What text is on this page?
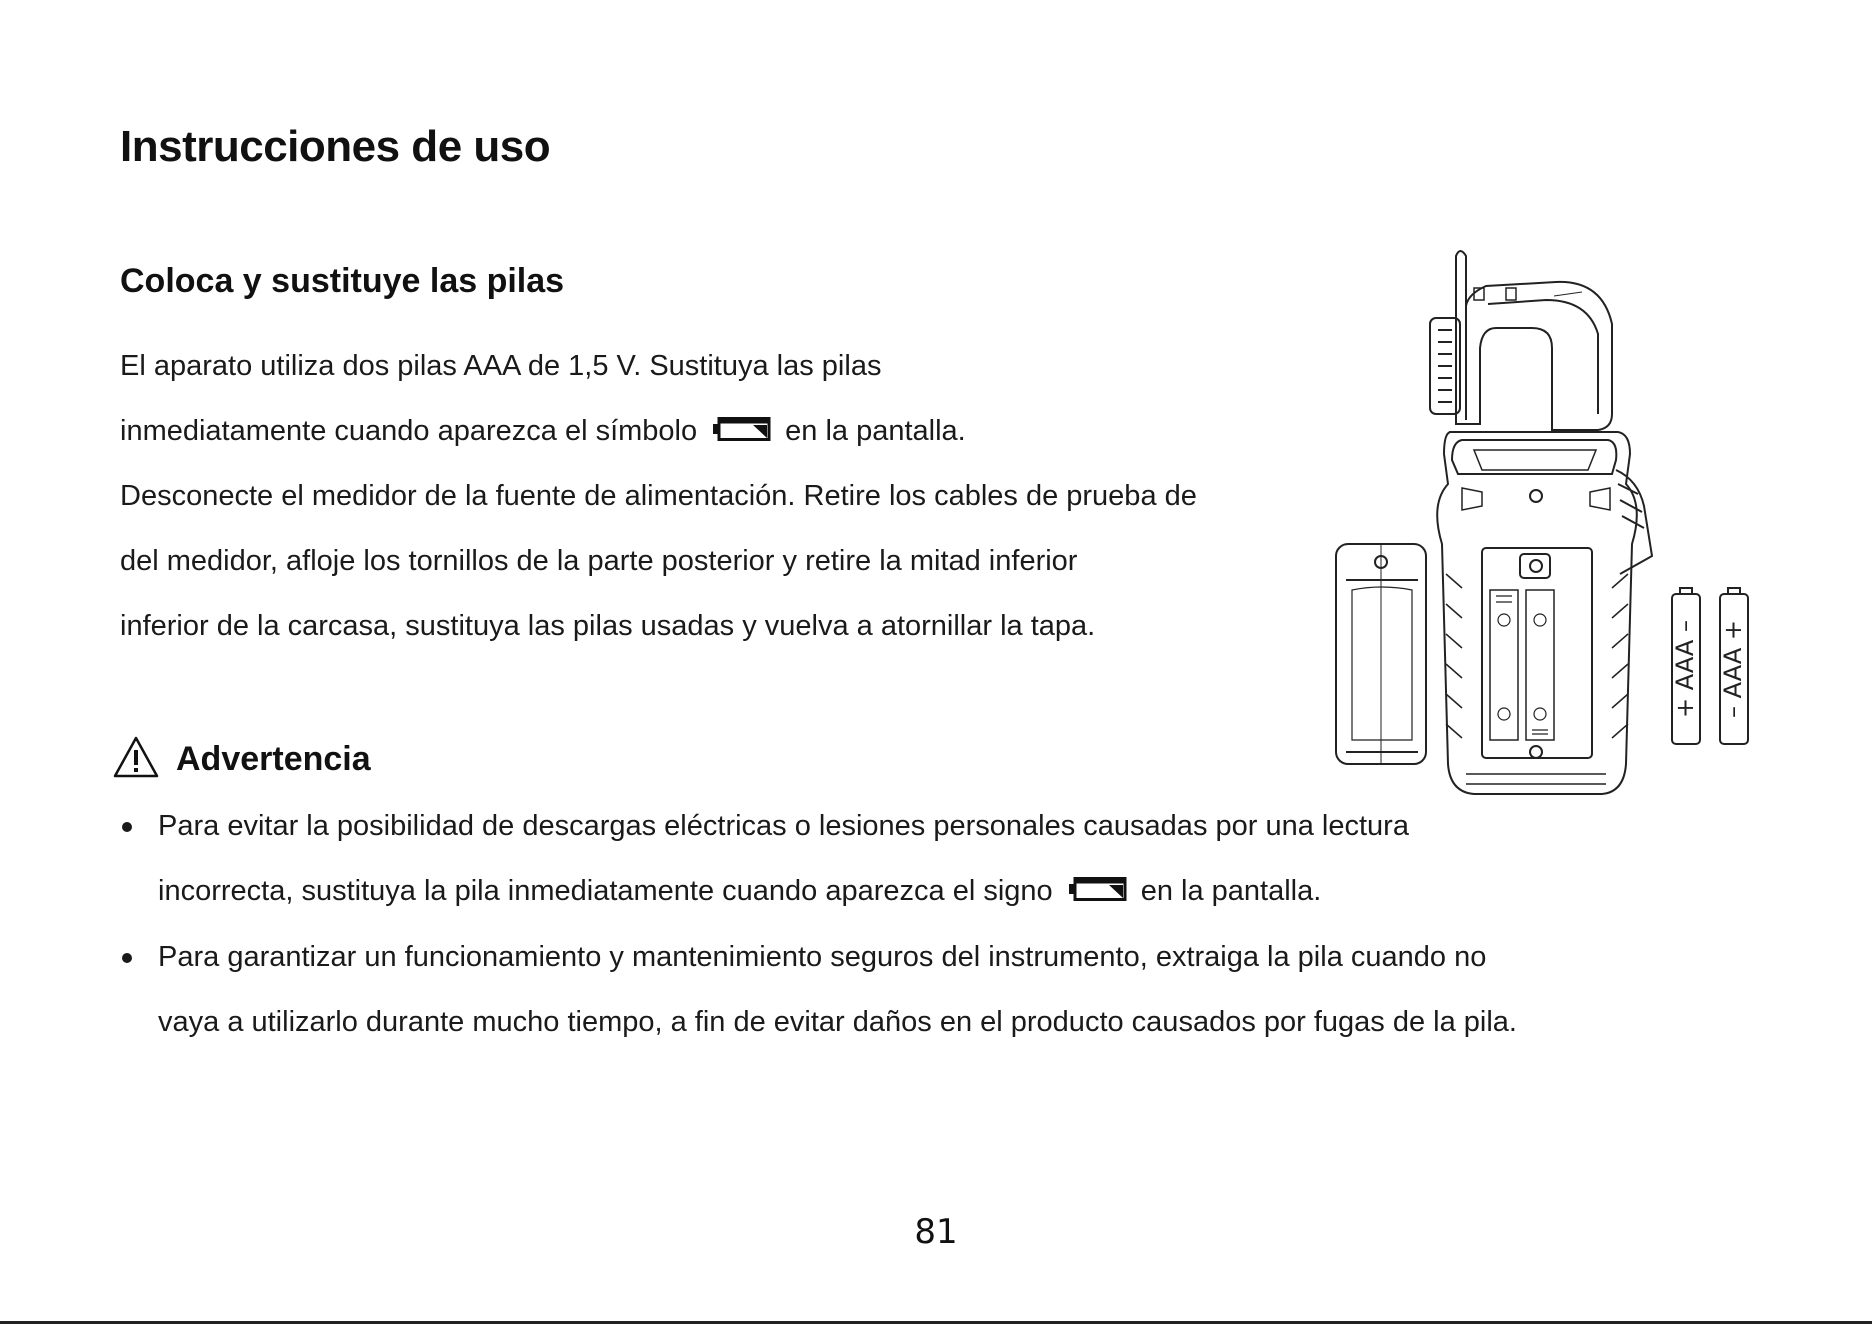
Instrucciones de uso
Coloca y sustituye las pilas
El aparato utiliza dos pilas AAA de 1,5 V. Sustituya las pilas
inmediatamente cuando aparezca el símbolo	en la pantalla.
Desconecte el medidor de la fuente de alimentación. Retire los cables de prueba de
del medidor, afloje los tornillos de la parte posterior y retire la mitad inferior
inferior de la carcasa, sustituya las pilas usadas y vuelva a atornillar la tapa.
Advertencia
Para evitar la posibilidad de descargas eléctricas o lesiones personales causadas por una lectura
incorrecta, sustituya la pila inmediatamente cuando aparezca el signo	en la pantalla.
Para garantizar un funcionamiento y mantenimiento seguros del instrumento, extraiga la pila cuando no
vaya a utilizarlo durante mucho tiempo, a fin de evitar daños en el producto causados por fugas de la pila.
+ AAA – – AAA +
81
